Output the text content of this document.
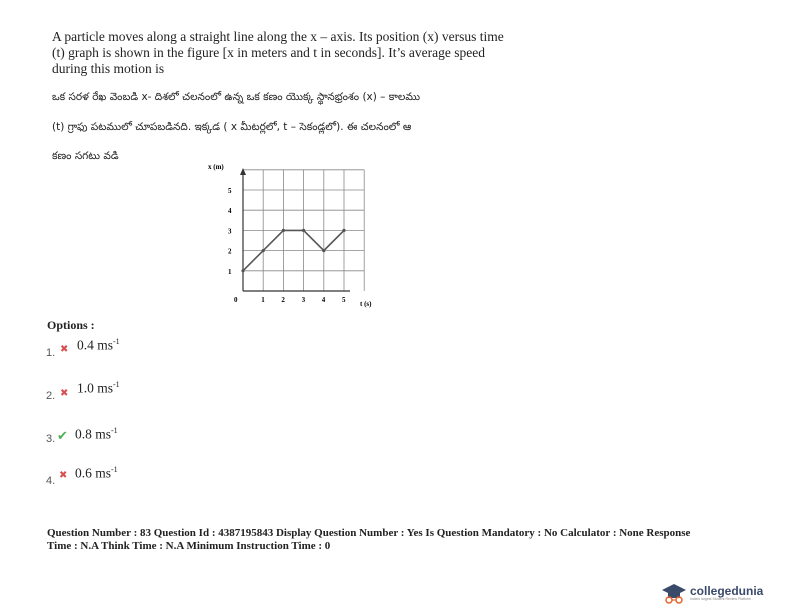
A particle moves along a straight line along the x – axis. Its position (x) versus time
(t) graph is shown in the figure [x in meters and t in seconds]. It’s average speed
during this motion is
ఒక సరళ రేఖ వెంబడి x- దిశలో చలనంలో ఉన్న ఒక కణం యొక్క స్థానభ్రంశం (x) – కాలము
(t) గ్రాఫు పటములో చూపబడినది. ఇక్కడ ( x మీటర్లలో, t – సెకండ్లలో). ఈ చలనంలో ఆ
కణం సగటు వడి
x (m)
t (s)
0	1 2 3 4 5
1
2
3
4
5
Options :
1. ✖ 0.4 $ms^{-1}$
2. ✖ 1.0 $ms^{-1}$
3. ✔ 0.8 $ms^{-1}$
4. ✖ 0.6 $ms^{-1}$
Question Number : 83 Question Id : 4387195843 Display Question Number : Yes Is Question Mandatory : No Calculator : None Response
Time : N.A Think Time : N.A Minimum Instruction Time : 0
collegedunia
India's largest Student Review Platform
